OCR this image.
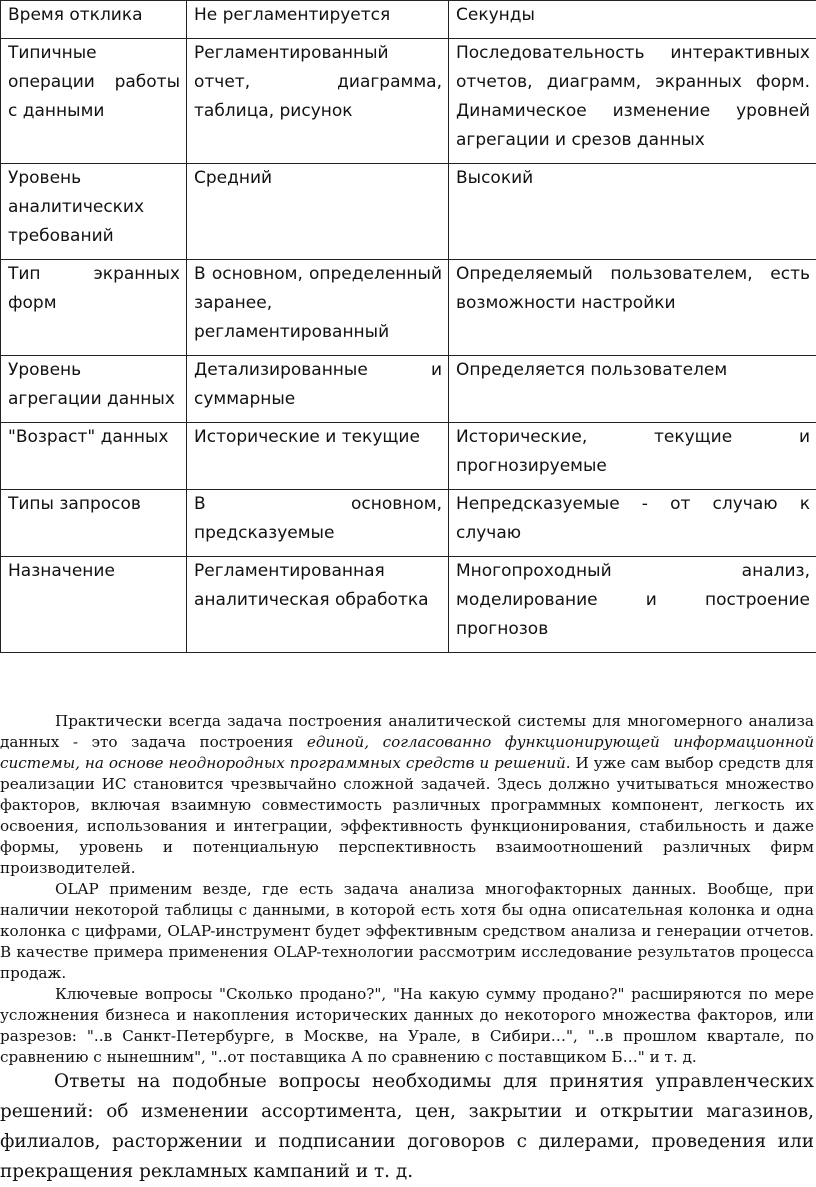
Время отклика	Не регламентируется	Секунды
Типичные операции работы с данными	Регламентированный отчет, диаграмма, таблица, рисунок	Последовательность интерактивных отчетов, диаграмм, экранных форм. Динамическое изменение уровней агрегации и срезов данных
Уровень аналитических требований	Средний	Высокий
Тип экранных форм	В основном, определенный заранее, регламентированный	Определяемый пользователем, есть возможности настройки
Уровень агрегации данных	Детализированные и суммарные	Определяется пользователем
"Возраст" данных	Исторические и текущие	Исторические, текущие и прогнозируемые
Типы запросов	В основном, предсказуемые	Непредсказуемые - от случаю к случаю
Назначение	Регламентированная аналитическая обработка	Многопроходный анализ, моделирование и построение прогнозов

Практически всегда задача построения аналитической системы для многомерного анализа данных - это задача построения единой, согласованно функционирующей информационной системы, на основе неоднородных программных средств и решений. И уже сам выбор средств для реализации ИС становится чрезвычайно сложной задачей. Здесь должно учитываться множество факторов, включая взаимную совместимость различных программных компонент, легкость их освоения, использования и интеграции, эффективность функционирования, стабильность и даже формы, уровень и потенциальную перспективность взаимоотношений различных фирм производителей.

OLAP применим везде, где есть задача анализа многофакторных данных. Вообще, при наличии некоторой таблицы с данными, в которой есть хотя бы одна описательная колонка и одна колонка с цифрами, OLAP-инструмент будет эффективным средством анализа и генерации отчетов. В качестве примера применения OLAP-технологии рассмотрим исследование результатов процесса продаж.

Ключевые вопросы "Сколько продано?", "На какую сумму продано?" расширяются по мере усложнения бизнеса и накопления исторических данных до некоторого множества факторов, или разрезов: "..в Санкт-Петербурге, в Москве, на Урале, в Сибири…", "..в прошлом квартале, по сравнению с нынешним", "..от поставщика А по сравнению с поставщиком Б…" и т. д.

Ответы на подобные вопросы необходимы для принятия управленческих решений: об изменении ассортимента, цен, закрытии и открытии магазинов, филиалов, расторжении и подписании договоров с дилерами, проведения или прекращения рекламных кампаний и т. д.
